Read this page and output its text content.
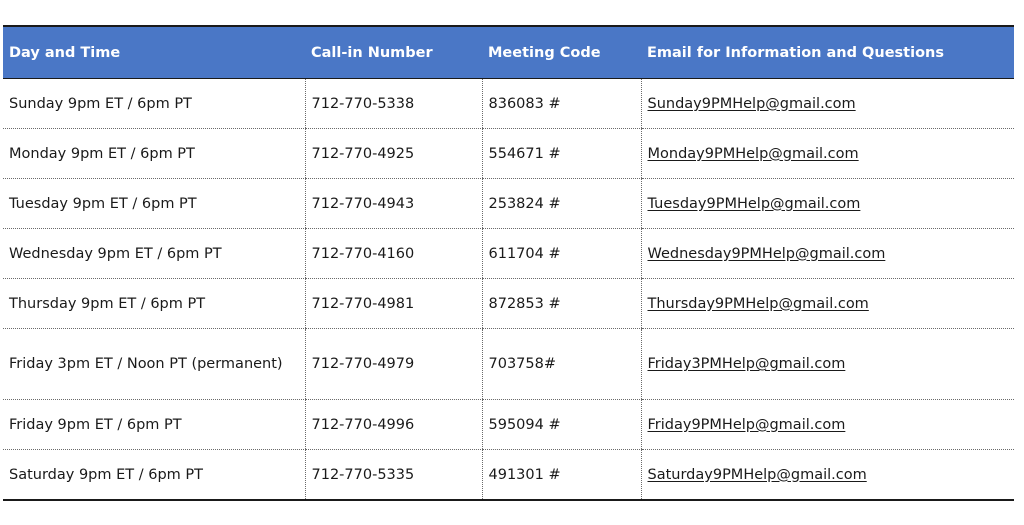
Day and Time	Call-in Number	Meeting Code	Email for Information and Questions
Sunday 9pm ET / 6pm PT	712-770-5338	836083 #	Sunday9PMHelp@gmail.com
Monday 9pm ET / 6pm PT	712-770-4925	554671 #	Monday9PMHelp@gmail.com
Tuesday 9pm ET / 6pm PT	712-770-4943	253824 #	Tuesday9PMHelp@gmail.com
Wednesday 9pm ET / 6pm PT	712-770-4160	611704 #	Wednesday9PMHelp@gmail.com
Thursday 9pm ET / 6pm PT	712-770-4981	872853 #	Thursday9PMHelp@gmail.com
Friday 3pm ET / Noon PT (permanent)	712-770-4979	703758#	Friday3PMHelp@gmail.com
Friday 9pm ET / 6pm PT	712-770-4996	595094 #	Friday9PMHelp@gmail.com
Saturday 9pm ET / 6pm PT	712-770-5335	491301 #	Saturday9PMHelp@gmail.com
